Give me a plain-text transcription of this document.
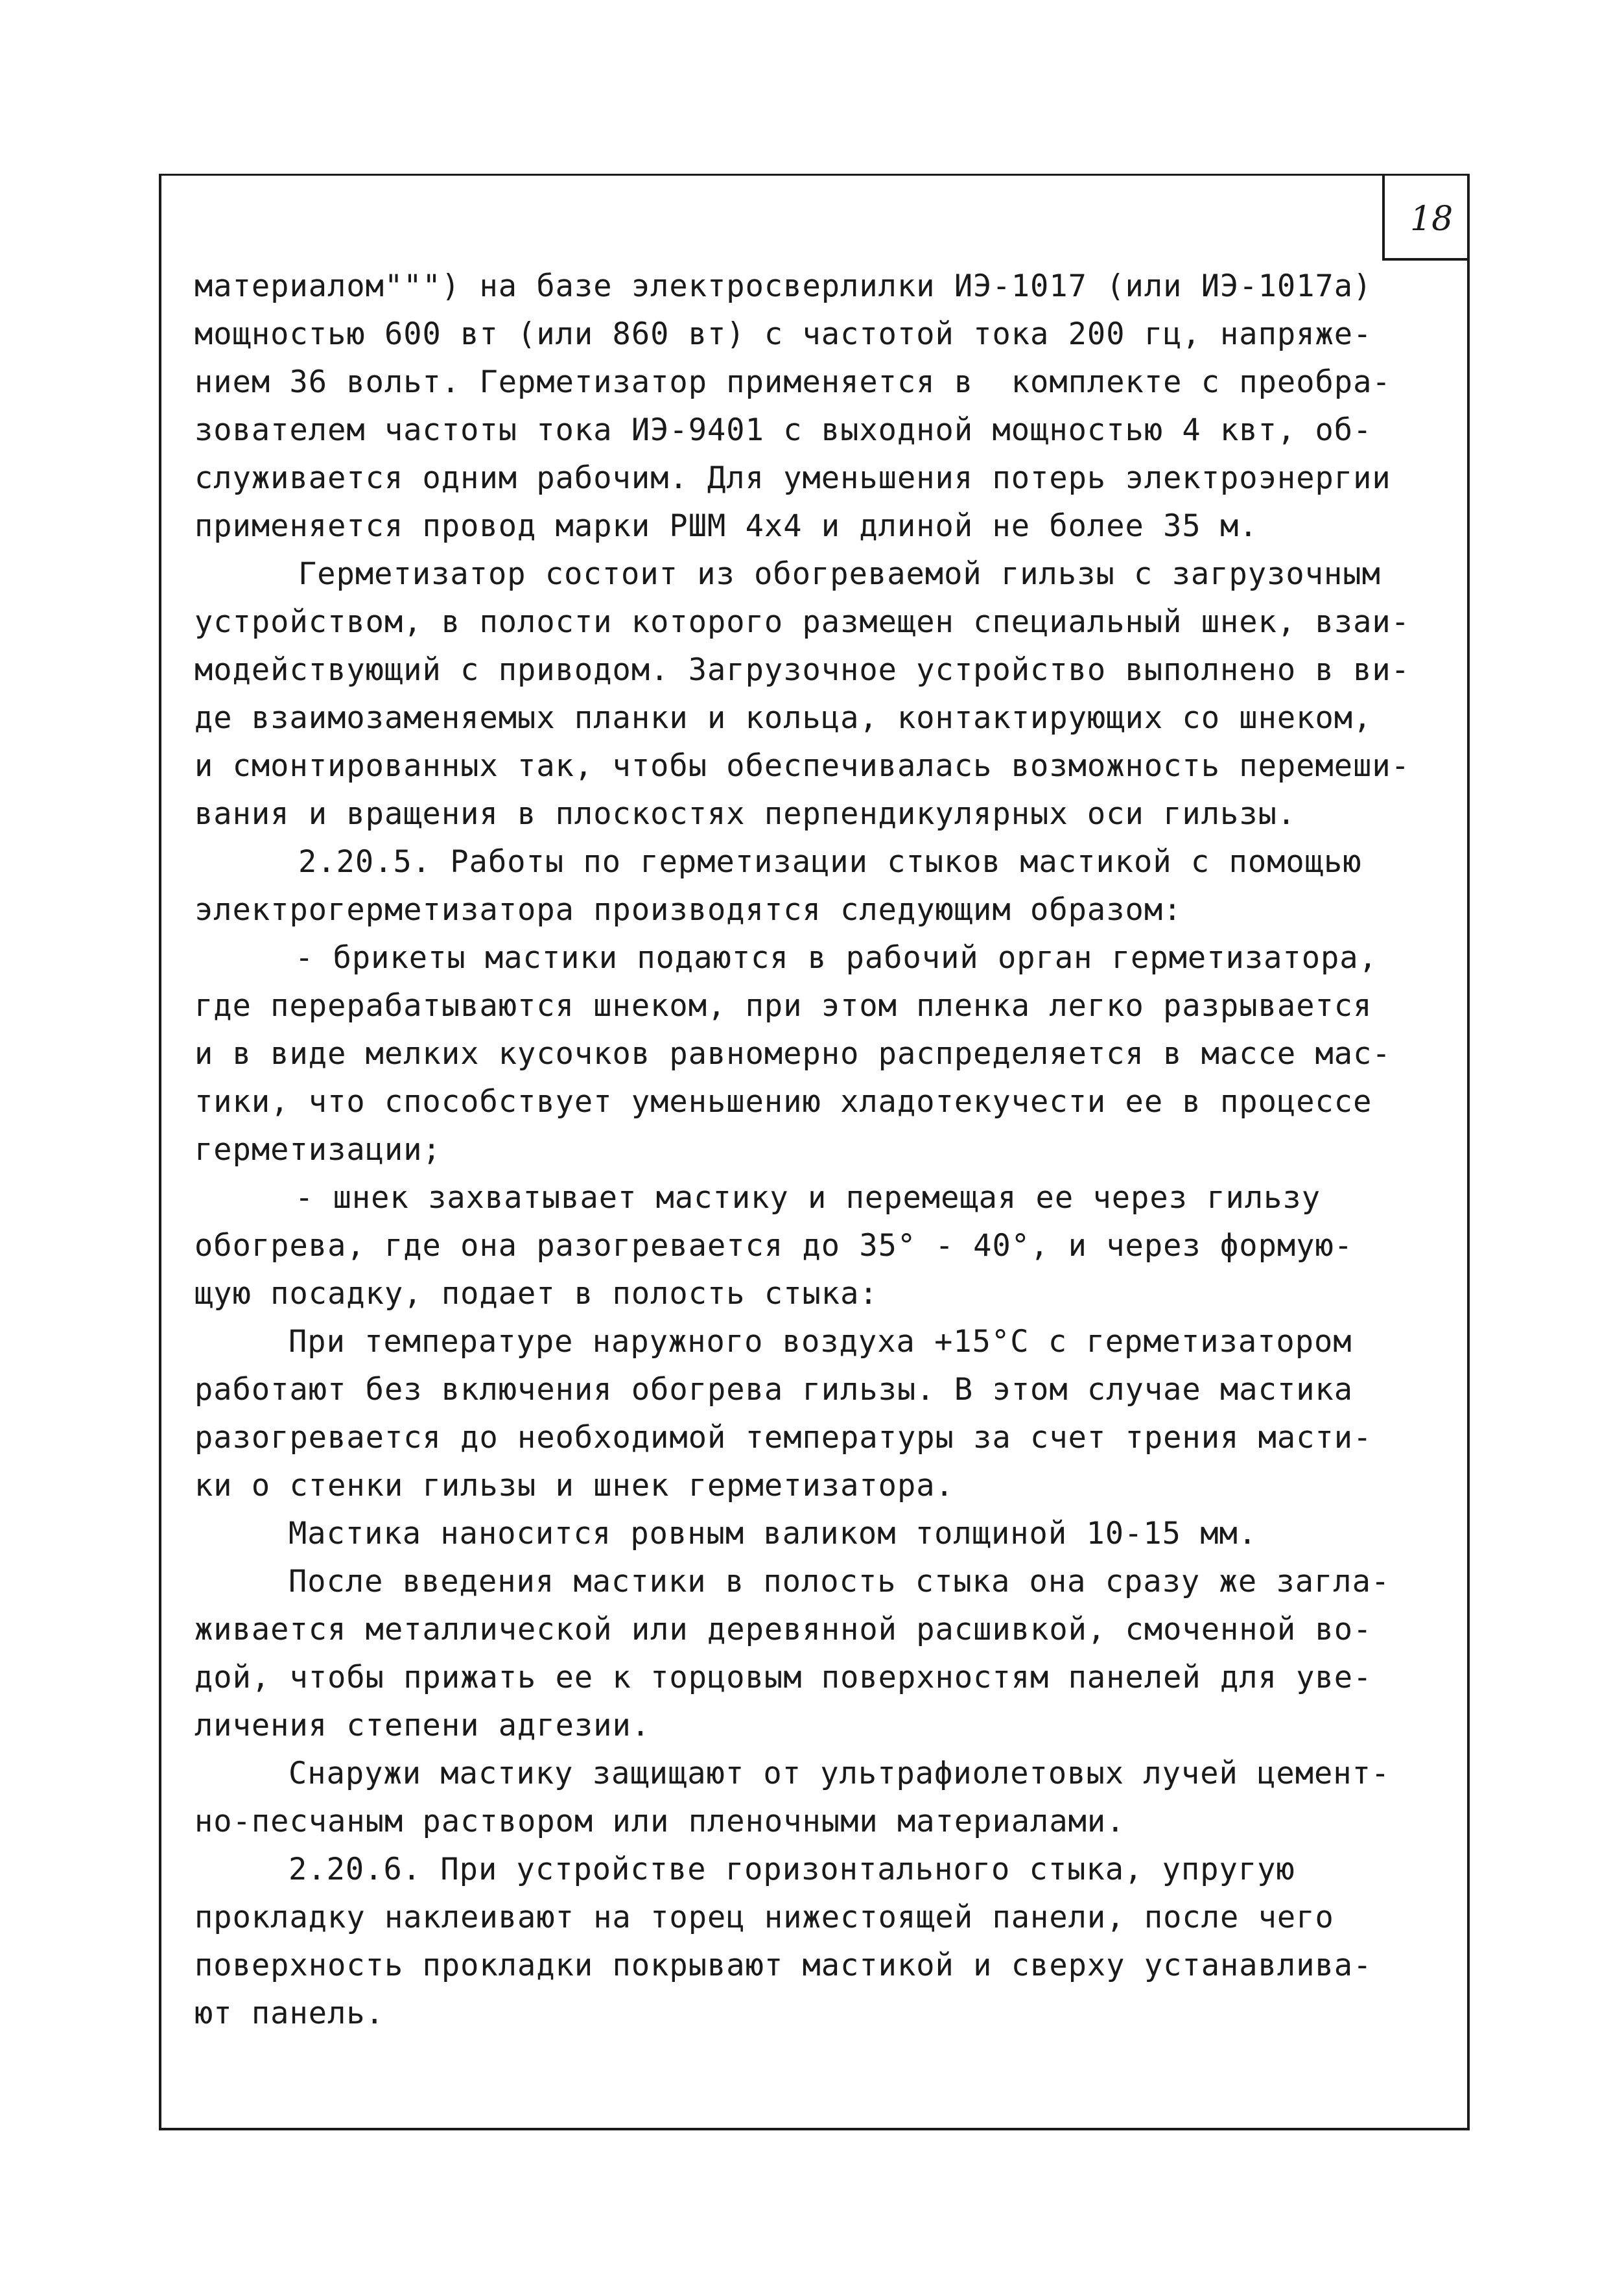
18
материалом""") на базе электросверлилки ИЭ-1017 (или ИЭ-1017а)
мощностью 600 вт (или 860 вт) с частотой тока 200 гц, напряже-
нием 36 вольт. Герметизатор применяется в  комплекте с преобра-
зователем частоты тока ИЭ-9401 с выходной мощностью 4 квт, об-
служивается одним рабочим. Для уменьшения потерь электроэнергии
применяется провод марки РШМ 4х4 и длиной не более 35 м.
Герметизатор состоит из обогреваемой гильзы с загрузочным
устройством, в полости которого размещен специальный шнек, взаи-
модействующий с приводом. Загрузочное устройство выполнено в ви-
де взаимозаменяемых планки и кольца, контактирующих со шнеком,
и смонтированных так, чтобы обеспечивалась возможность перемеши-
вания и вращения в плоскостях перпендикулярных оси гильзы.
2.20.5. Работы по герметизации стыков мастикой с помощью
электрогерметизатора производятся следующим образом:
- брикеты мастики подаются в рабочий орган герметизатора,
где перерабатываются шнеком, при этом пленка легко разрывается
и в виде мелких кусочков равномерно распределяется в массе мас-
тики, что способствует уменьшению хладотекучести ее в процессе
герметизации;
- шнек захватывает мастику и перемещая ее через гильзу
обогрева, где она разогревается до 35° - 40°, и через формую-
щую посадку, подает в полость стыка:
При температуре наружного воздуха +15°С с герметизатором
работают без включения обогрева гильзы. В этом случае мастика
разогревается до необходимой температуры за счет трения масти-
ки о стенки гильзы и шнек герметизатора.
Мастика наносится ровным валиком толщиной 10-15 мм.
После введения мастики в полость стыка она сразу же загла-
живается металлической или деревянной расшивкой, смоченной во-
дой, чтобы прижать ее к торцовым поверхностям панелей для уве-
личения степени адгезии.
Снаружи мастику защищают от ультрафиолетовых лучей цемент-
но-песчаным раствором или пленочными материалами.
2.20.6. При устройстве горизонтального стыка, упругую
прокладку наклеивают на торец нижестоящей панели, после чего
поверхность прокладки покрывают мастикой и сверху устанавлива-
ют панель.
